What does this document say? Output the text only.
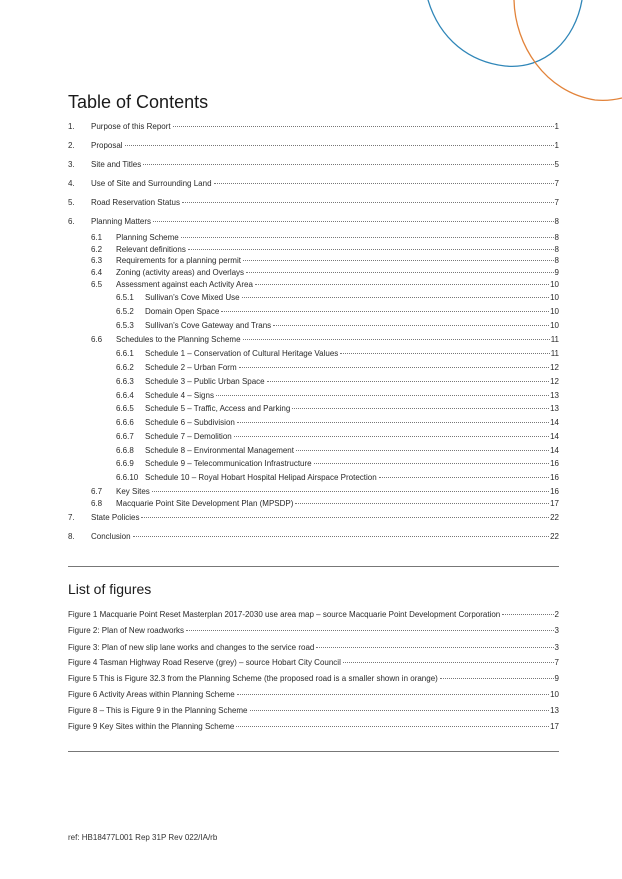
Table of Contents
1.	Purpose of this Report	1
2.	Proposal	1
3.	Site and Titles	5
4.	Use of Site and Surrounding Land	7
5.	Road Reservation Status	7
6.	Planning Matters	8
6.1	Planning Scheme	8
6.2	Relevant definitions	8
6.3	Requirements for a planning permit	8
6.4	Zoning (activity areas) and Overlays	9
6.5	Assessment against each Activity Area	10
6.5.1	Sullivan’s Cove Mixed Use	10
6.5.2	Domain Open Space	10
6.5.3	Sullivan’s Cove Gateway and Trans	10
6.6	Schedules to the Planning Scheme	11
6.6.1	Schedule 1 – Conservation of Cultural Heritage Values	11
6.6.2	Schedule 2 – Urban Form	12
6.6.3	Schedule 3 – Public Urban Space	12
6.6.4	Schedule 4 – Signs	13
6.6.5	Schedule 5 – Traffic, Access and Parking	13
6.6.6	Schedule 6 – Subdivision	14
6.6.7	Schedule 7 – Demolition	14
6.6.8	Schedule 8 – Environmental Management	14
6.6.9	Schedule 9 – Telecommunication Infrastructure	16
6.6.10 Schedule 10 – Royal Hobart Hospital Helipad Airspace Protection	16
6.7	Key Sites	16
6.8	Macquarie Point Site Development Plan (MPSDP)	17
7.	State Policies	22
8.	Conclusion	22
List of figures
Figure 1 Macquarie Point Reset Masterplan 2017-2030 use area map – source Macquarie Point Development Corporation	2
Figure 2: Plan of New roadworks	3
Figure 3: Plan of new slip lane works and changes to the service road	3
Figure 4 Tasman Highway Road Reserve (grey) – source Hobart City Council	7
Figure 5 This is Figure 32.3 from the Planning Scheme (the proposed road is a smaller shown in orange)	9
Figure 6 Activity Areas within Planning Scheme	10
Figure 8 – This is Figure 9 in the Planning Scheme	13
Figure 9 Key Sites within the Planning Scheme	17
ref: HB18477L001 Rep 31P Rev 022/IA/rb
